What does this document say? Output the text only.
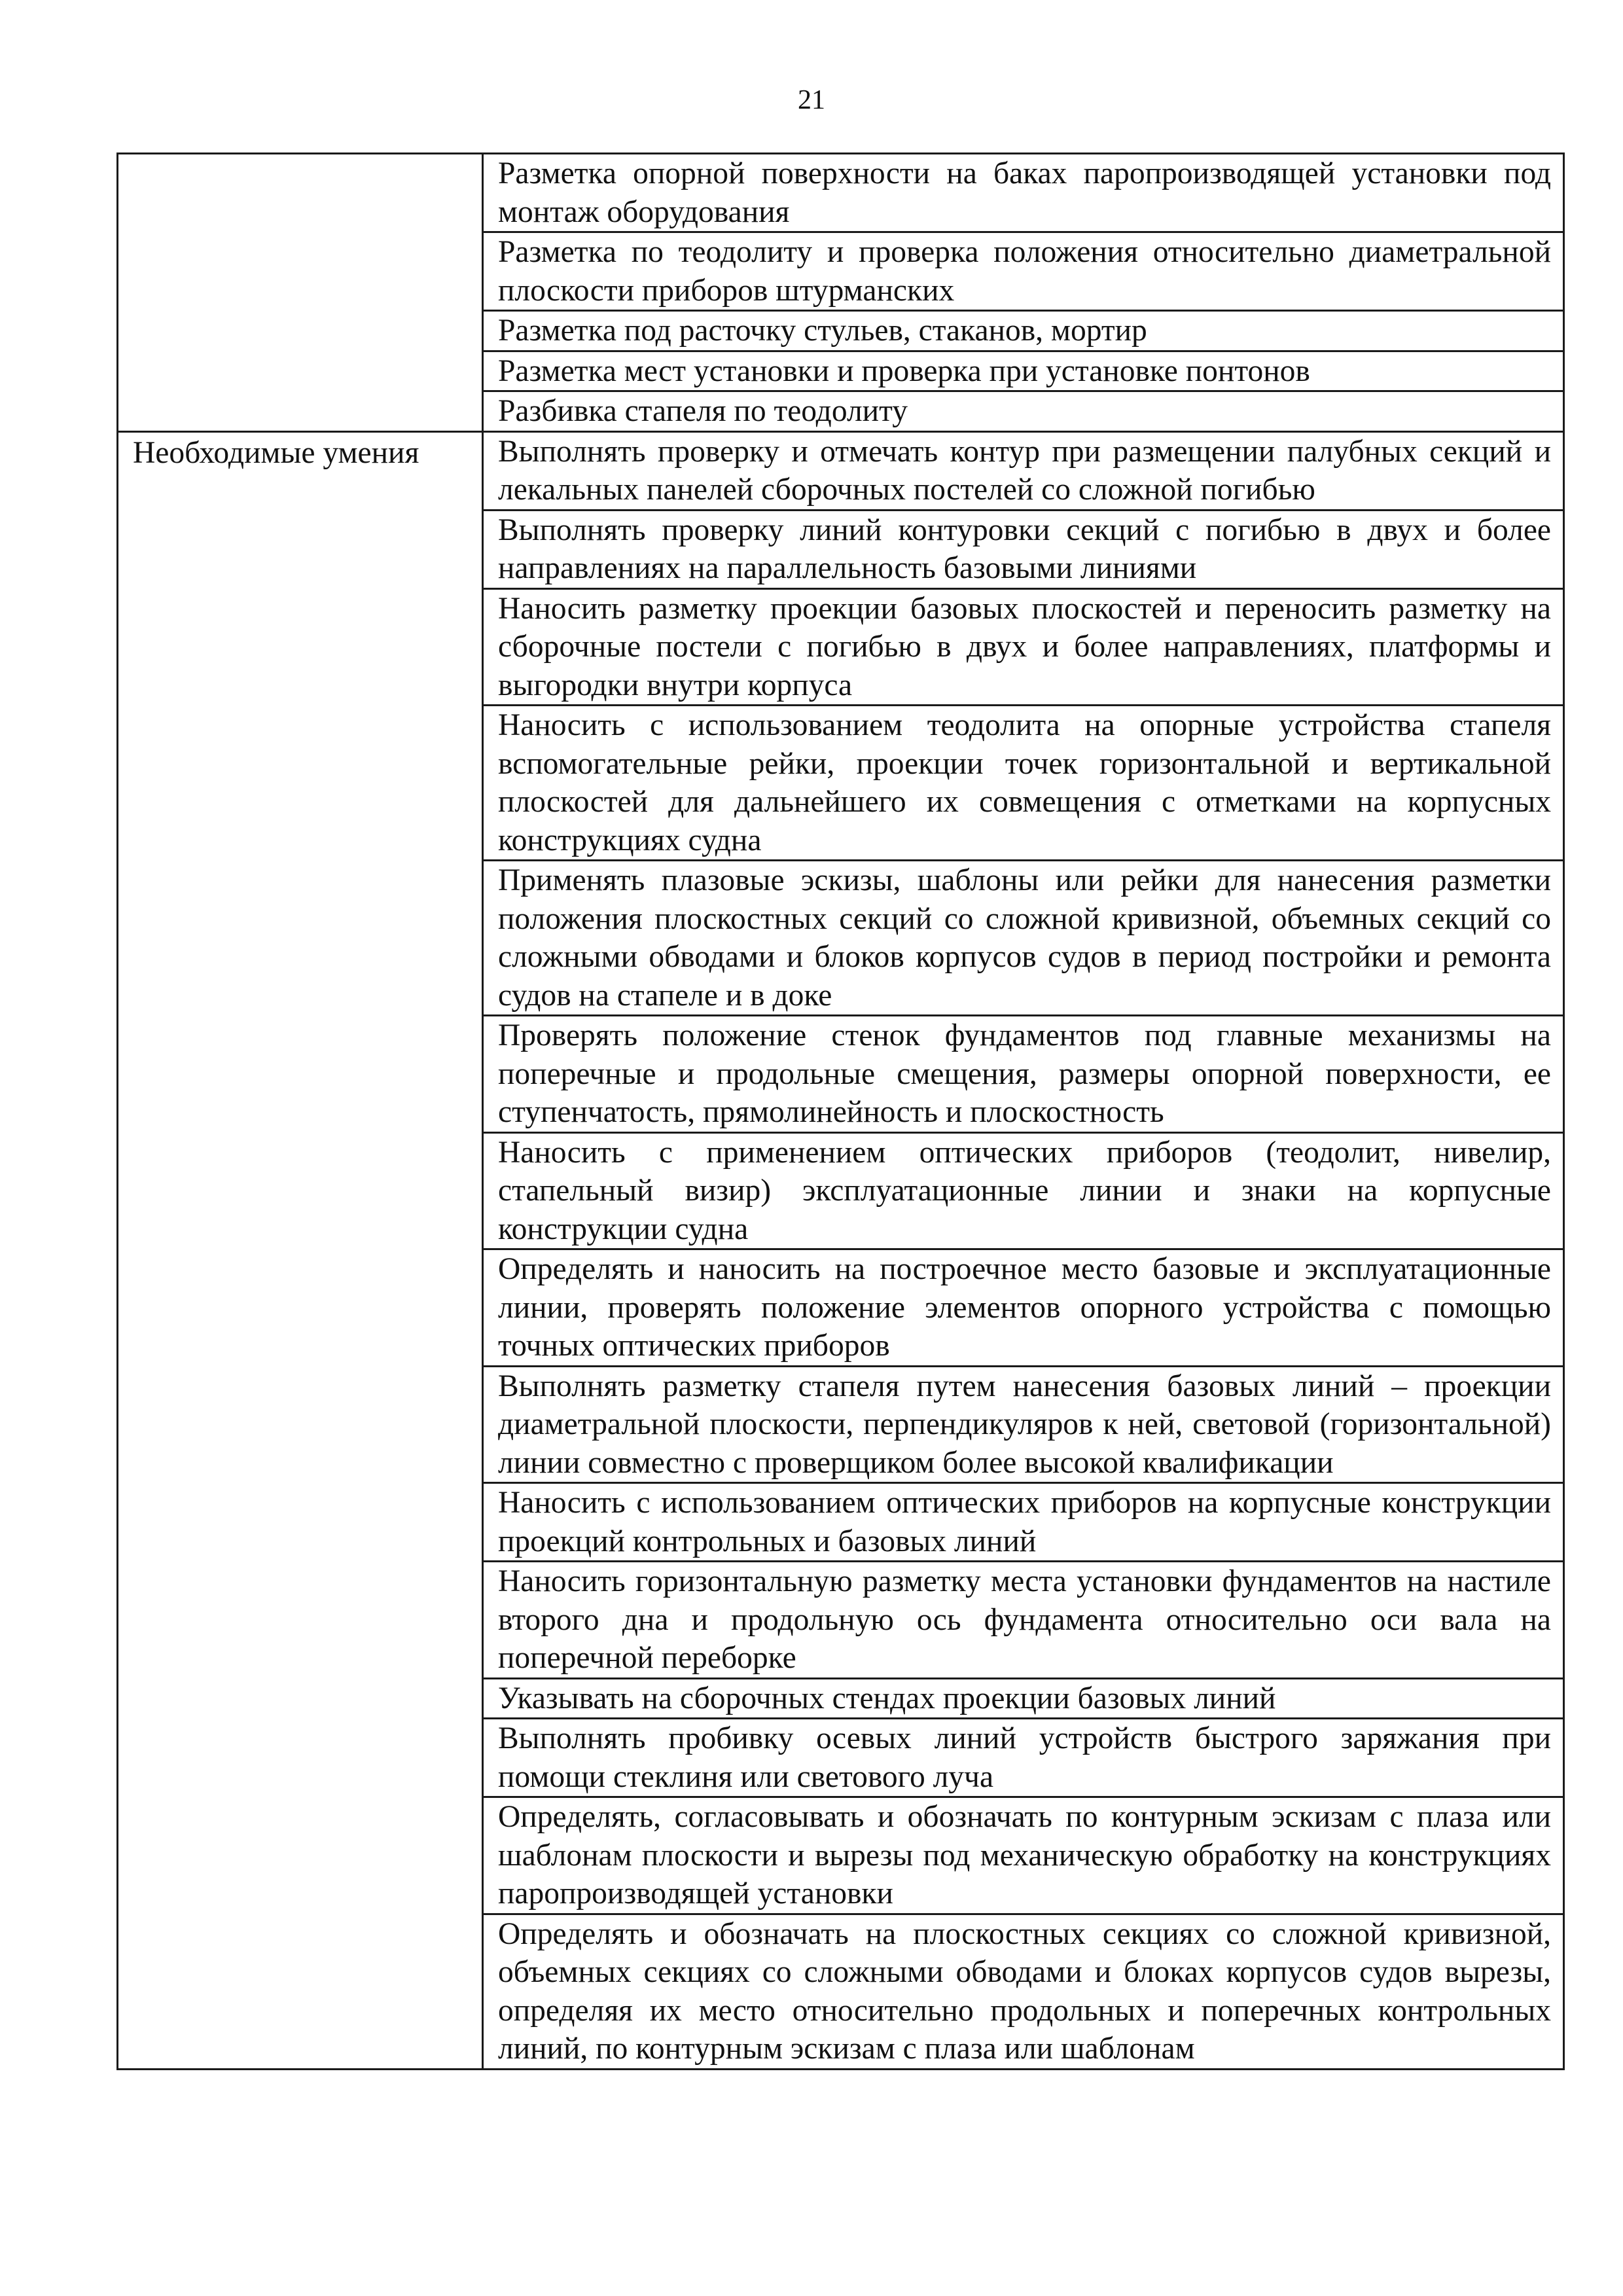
21
	Разметка опорной поверхности на баках паропроизводящей установки под монтаж оборудования
	Разметка по теодолиту и проверка положения относительно диаметральной плоскости приборов штурманских
	Разметка под расточку стульев, стаканов, мортир
	Разметка мест установки и проверка при установке понтонов
	Разбивка стапеля по теодолиту
Необходимые умения	Выполнять проверку и отмечать контур при размещении палубных секций и лекальных панелей сборочных постелей со сложной погибью
	Выполнять проверку линий контуровки секций с погибью в двух и более направлениях на параллельность базовыми линиями
	Наносить разметку проекции базовых плоскостей и переносить разметку на сборочные постели с погибью в двух и более направлениях, платформы и выгородки внутри корпуса
	Наносить с использованием теодолита на опорные устройства стапеля вспомогательные рейки, проекции точек горизонтальной и вертикальной плоскостей для дальнейшего их совмещения с отметками на корпусных конструкциях судна
	Применять плазовые эскизы, шаблоны или рейки для нанесения разметки положения плоскостных секций со сложной кривизной, объемных секций со сложными обводами и блоков корпусов судов в период постройки и ремонта судов на стапеле и в доке
	Проверять положение стенок фундаментов под главные механизмы на поперечные и продольные смещения, размеры опорной поверхности, ее ступенчатость, прямолинейность и плоскостность
	Наносить с применением оптических приборов (теодолит, нивелир, стапельный визир) эксплуатационные линии и знаки на корпусные конструкции судна
	Определять и наносить на построечное место базовые и эксплуатационные линии, проверять положение элементов опорного устройства с помощью точных оптических приборов
	Выполнять разметку стапеля путем нанесения базовых линий – проекции диаметральной плоскости, перпендикуляров к ней, световой (горизонтальной) линии совместно с проверщиком более высокой квалификации
	Наносить с использованием оптических приборов на корпусные конструкции проекций контрольных и базовых линий
	Наносить горизонтальную разметку места установки фундаментов на настиле второго дна и продольную ось фундамента относительно оси вала на поперечной переборке
	Указывать на сборочных стендах проекции базовых линий
	Выполнять пробивку осевых линий устройств быстрого заряжания при помощи стеклиня или светового луча
	Определять, согласовывать и обозначать по контурным эскизам с плаза или шаблонам плоскости и вырезы под механическую обработку на конструкциях паропроизводящей установки
	Определять и обозначать на плоскостных секциях со сложной кривизной, объемных секциях со сложными обводами и блоках корпусов судов вырезы, определяя их место относительно продольных и поперечных контрольных линий, по контурным эскизам с плаза или шаблонам
